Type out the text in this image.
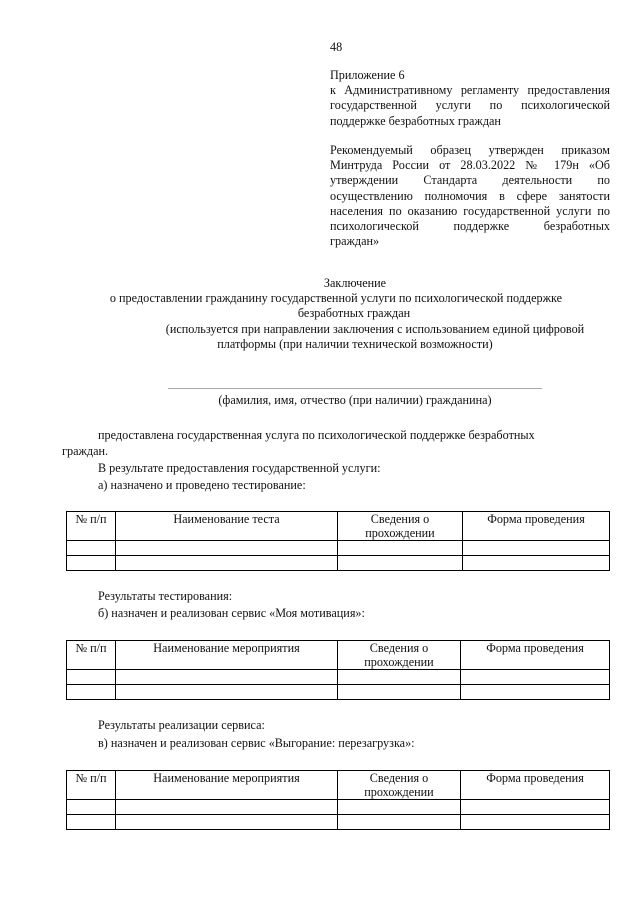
48
Приложение 6
к Административному регламенту предоставления
государственной услуги по психологической
поддержке безработных граждан
Рекомендуемый образец утвержден приказом
Минтруда России от 28.03.2022 № 179н «Об
утверждении Стандарта деятельности по
осуществлению полномочия в сфере занятости
населения по оказанию государственной услуги по
психологической поддержке безработных
граждан»
Заключение
о предоставлении гражданину государственной услуги по психологической поддержке
безработных граждан
(используется при направлении заключения с использованием единой цифровой
платформы (при наличии технической возможности)
(фамилия, имя, отчество (при наличии) гражданина)
предоставлена государственная услуга по психологической поддержке безработных
граждан.
В результате предоставления государственной услуги:
а) назначено и проведено тестирование:
№ п/п	Наименование теста	Сведения о прохождении	Форма проведения

Результаты тестирования:
б) назначен и реализован сервис «Моя мотивация»:
№ п/п	Наименование мероприятия	Сведения о прохождении	Форма проведения

Результаты реализации сервиса:
в) назначен и реализован сервис «Выгорание: перезагрузка»:
№ п/п	Наименование мероприятия	Сведения о прохождении	Форма проведения
